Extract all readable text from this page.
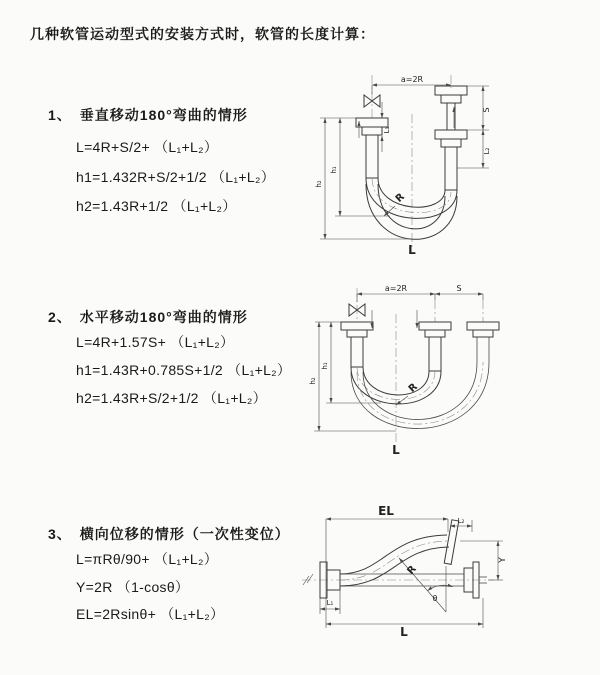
几种软管运动型式的安装方式时，软管的长度计算：
1、 垂直移动180°弯曲的情形
L=4R+S/2+ （L₁+L₂）
h1=1.432R+S/2+1/2 （L₁+L₂）
h2=1.43R+1/2 （L₁+L₂）
2、 水平移动180°弯曲的情形
L=4R+1.57S+ （L₁+L₂）
h1=1.43R+0.785S+1/2 （L₁+L₂）
h2=1.43R+S/2+1/2 （L₁+L₂）
3、 横向位移的情形（一次性变位）
L=πRθ/90+ （L₁+L₂）
Y=2R （1-cosθ）
EL=2Rsinθ+ （L₁+L₂）
a=2R
L₁
S
L₂
h₁
h₂
R
L
a=2R	S
h₁
h₂
R
L
θ
R
EL
L₂
Y
L₁
L
